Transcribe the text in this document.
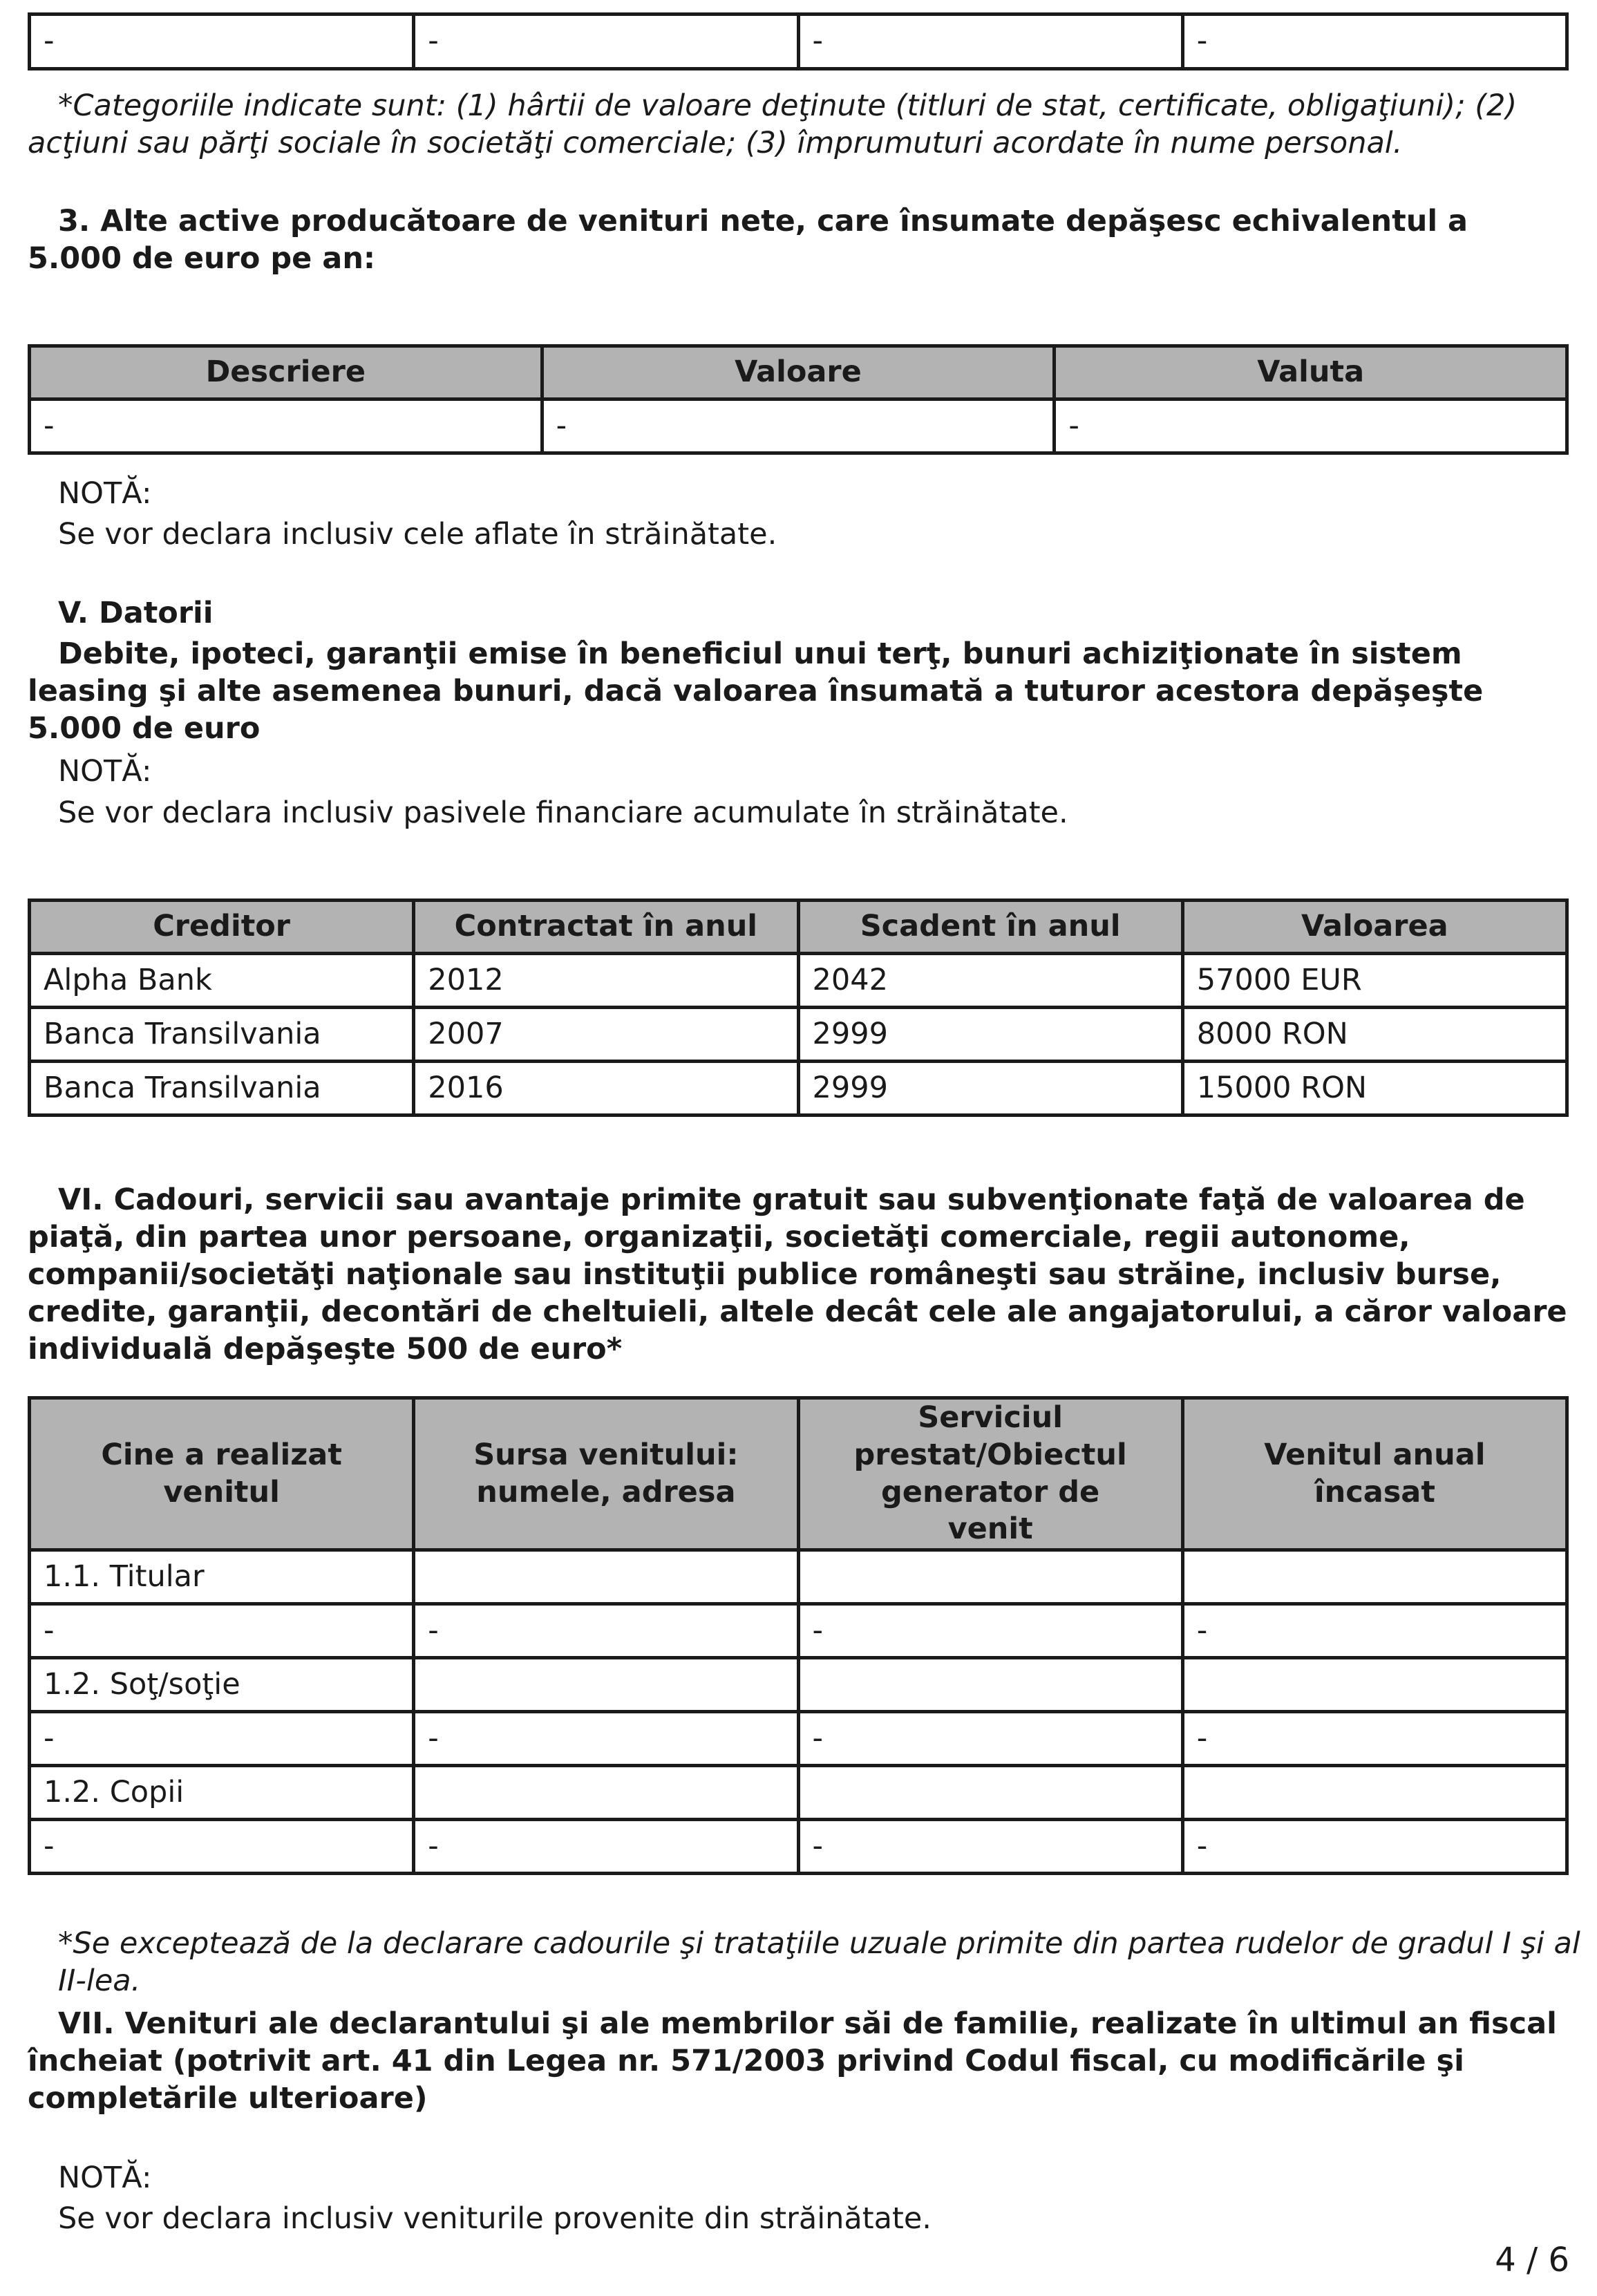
-	-	-	-

*Categoriile indicate sunt: (1) hârtii de valoare deţinute (titluri de stat, certificate, obligaţiuni); (2) acţiuni sau părţi sociale în societăţi comerciale; (3) împrumuturi acordate în nume personal.

3. Alte active producătoare de venituri nete, care însumate depăşesc echivalentul a 5.000 de euro pe an:

Descriere	Valoare	Valuta
-	-	-

NOTĂ:

Se vor declara inclusiv cele aflate în străinătate.

V. Datorii

Debite, ipoteci, garanţii emise în beneficiul unui terţ, bunuri achiziţionate în sistem leasing şi alte asemenea bunuri, dacă valoarea însumată a tuturor acestora depăşeşte 5.000 de euro

NOTĂ:

Se vor declara inclusiv pasivele financiare acumulate în străinătate.

Creditor	Contractat în anul	Scadent în anul	Valoarea
Alpha Bank	2012	2042	57000 EUR
Banca Transilvania	2007	2999	8000 RON
Banca Transilvania	2016	2999	15000 RON

VI. Cadouri, servicii sau avantaje primite gratuit sau subvenţionate faţă de valoarea de piaţă, din partea unor persoane, organizaţii, societăţi comerciale, regii autonome, companii/societăţi naţionale sau instituţii publice româneşti sau străine, inclusiv burse, credite, garanţii, decontări de cheltuieli, altele decât cele ale angajatorului, a căror valoare individuală depăşeşte 500 de euro*

Cine a realizat venitul	Sursa venitului: numele, adresa	Serviciul prestat/Obiectul generator de venit	Venitul anual încasat
1.1. Titular			
-	-	-	-
1.2. Soţ/soţie			
-	-	-	-
1.2. Copii			
-	-	-	-

*Se exceptează de la declarare cadourile şi trataţiile uzuale primite din partea rudelor de gradul I şi al II-lea.

VII. Venituri ale declarantului şi ale membrilor săi de familie, realizate în ultimul an fiscal încheiat (potrivit art. 41 din Legea nr. 571/2003 privind Codul fiscal, cu modificările şi completările ulterioare)

NOTĂ:

Se vor declara inclusiv veniturile provenite din străinătate.

4 / 6
